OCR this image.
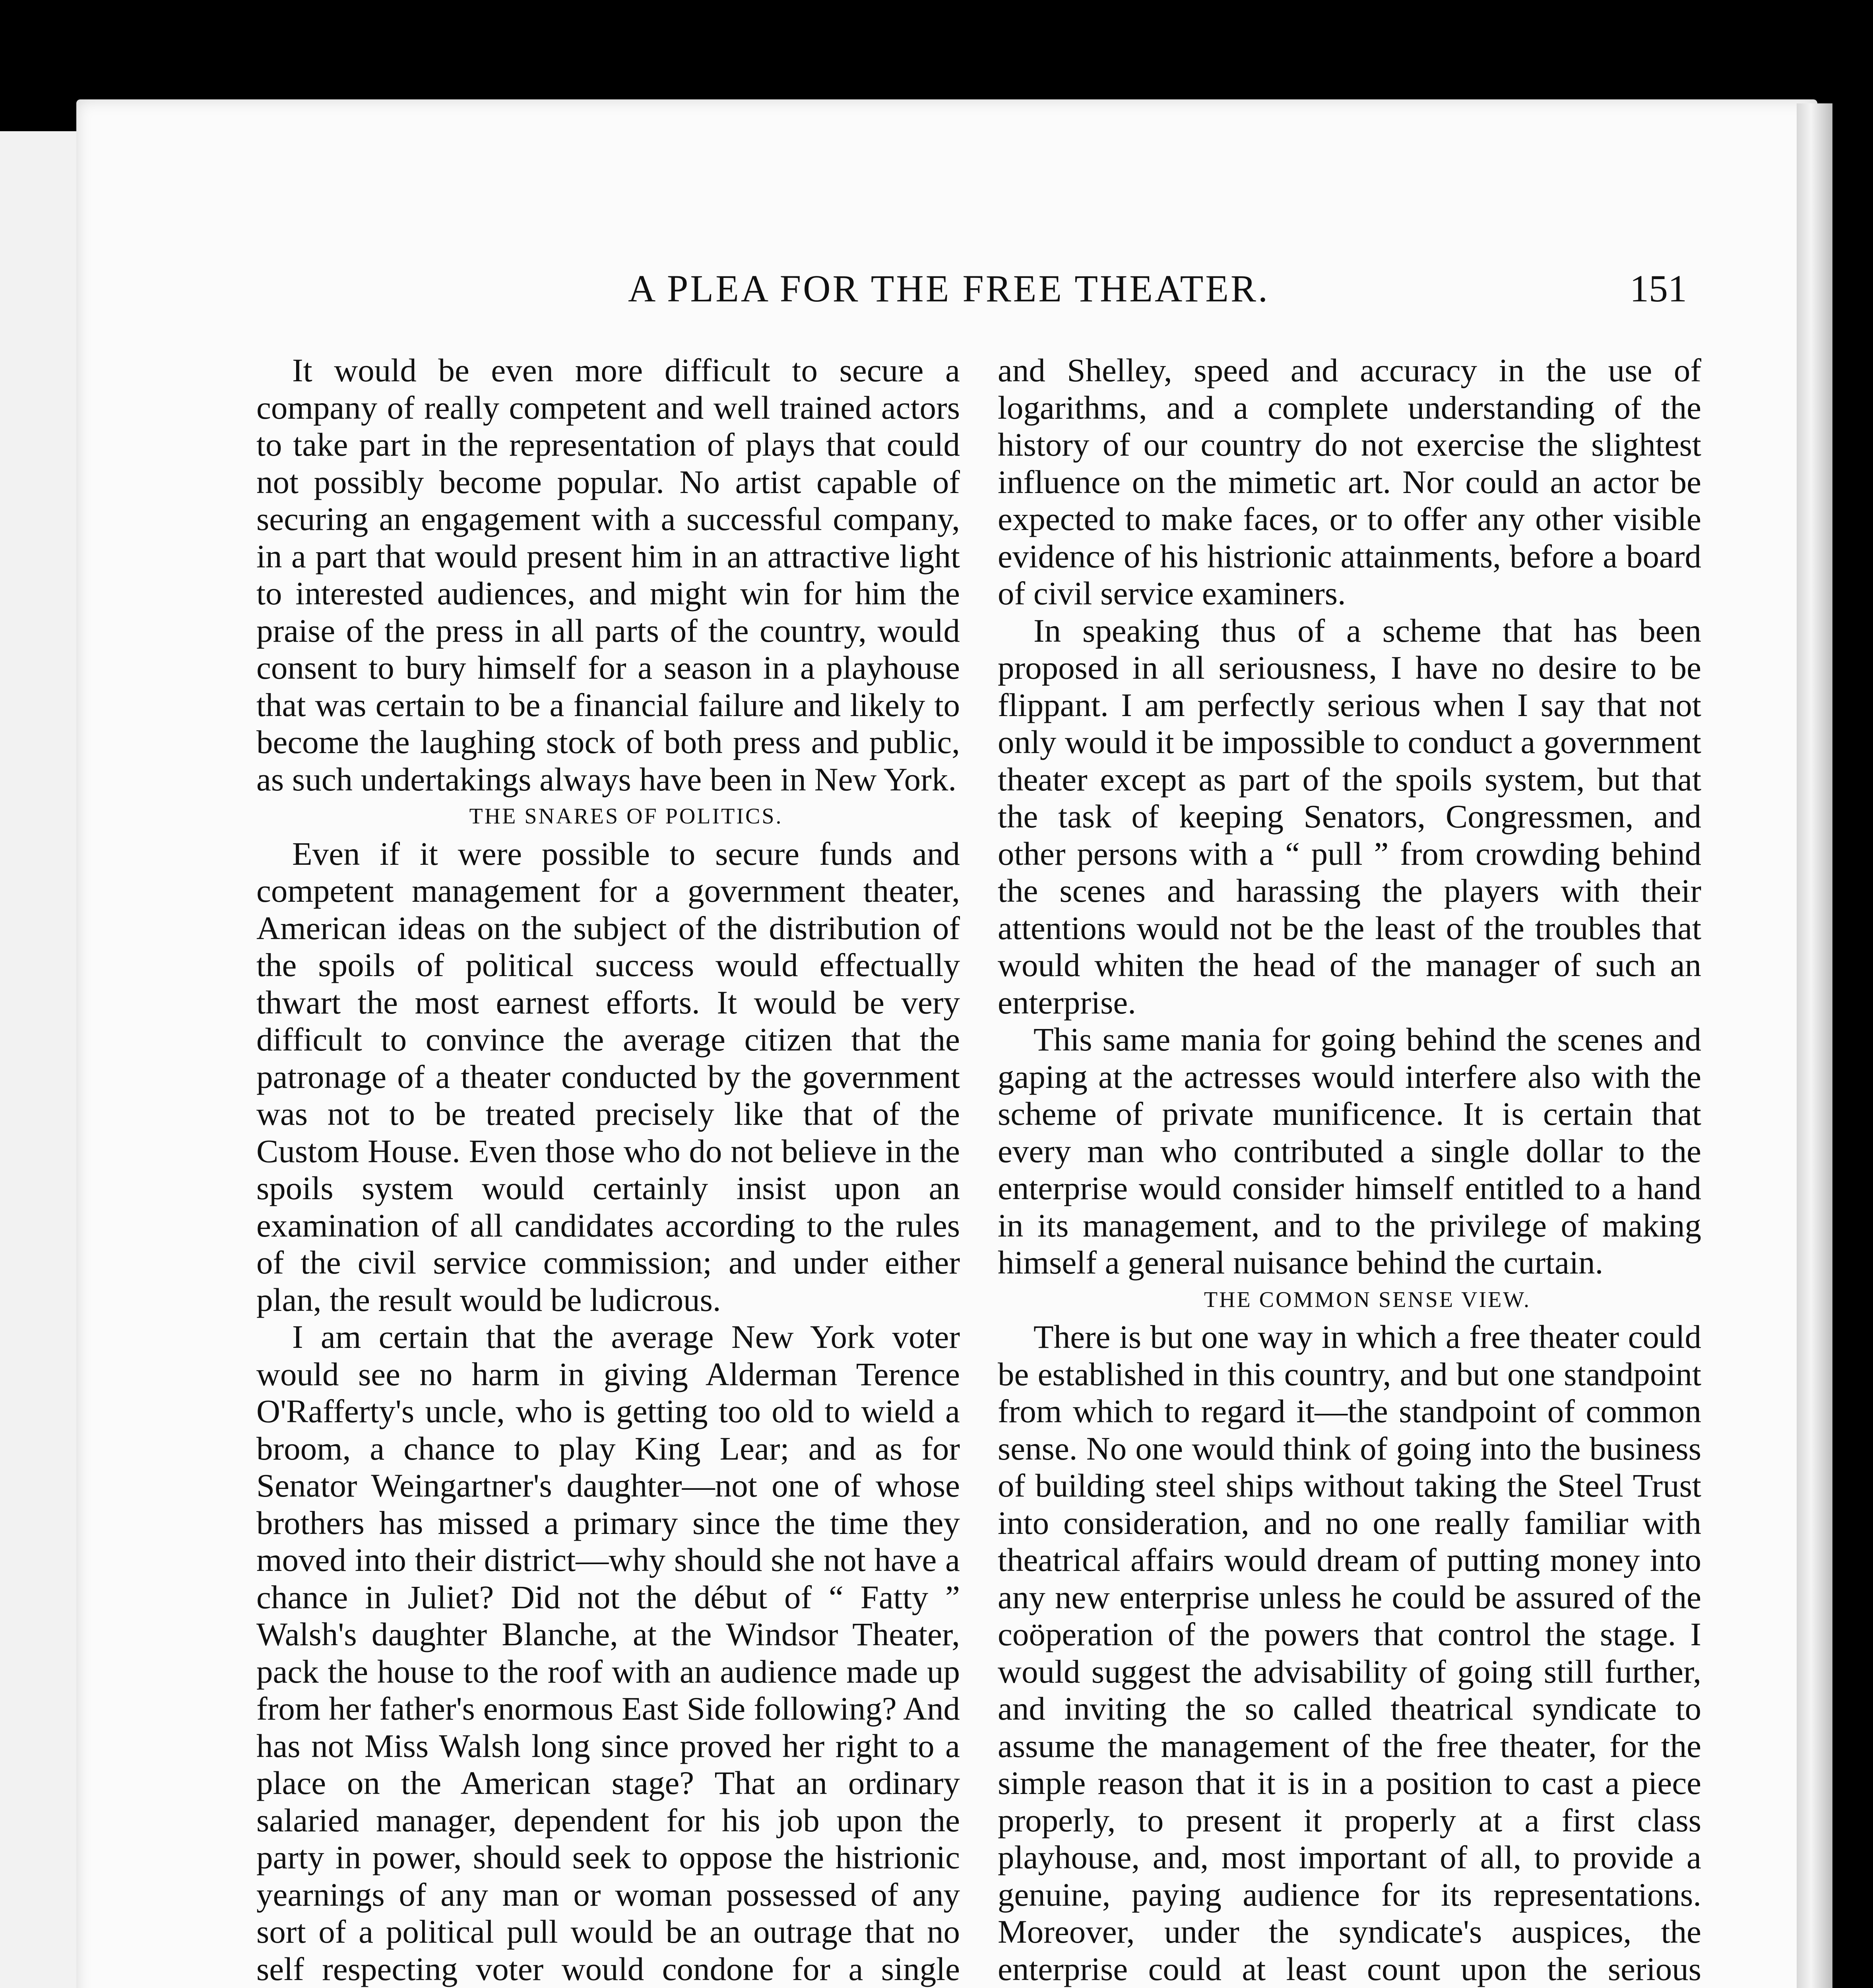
A PLEA FOR THE FREE THEATER.	151

It would be even more difficult to secure a company of really competent and well trained actors to take part in the representation of plays that could not possibly become popular. No artist capable of securing an engagement with a successful company, in a part that would present him in an attractive light to interested audiences, and might win for him the praise of the press in all parts of the country, would consent to bury himself for a season in a playhouse that was certain to be a financial failure and likely to become the laughing stock of both press and public, as such undertakings always have been in New York.

THE SNARES OF POLITICS.

Even if it were possible to secure funds and competent management for a government theater, American ideas on the subject of the distribution of the spoils of political success would effectually thwart the most earnest efforts. It would be very difficult to convince the average citizen that the patronage of a theater conducted by the government was not to be treated precisely like that of the Custom House. Even those who do not believe in the spoils system would certainly insist upon an examination of all candidates according to the rules of the civil service commission; and under either plan, the result would be ludicrous.

I am certain that the average New York voter would see no harm in giving Alderman Terence O'Rafferty's uncle, who is getting too old to wield a broom, a chance to play King Lear; and as for Senator Weingartner's daughter—not one of whose brothers has missed a primary since the time they moved into their district—why should she not have a chance in Juliet? Did not the début of “ Fatty ” Walsh's daughter Blanche, at the Windsor Theater, pack the house to the roof with an audience made up from her father's enormous East Side following? And has not Miss Walsh long since proved her right to a place on the American stage? That an ordinary salaried manager, dependent for his job upon the party in power, should seek to oppose the histrionic yearnings of any man or woman possessed of any sort of a political pull would be an outrage that no self respecting voter would condone for a single

and Shelley, speed and accuracy in the use of logarithms, and a complete understanding of the history of our country do not exercise the slightest influence on the mimetic art. Nor could an actor be expected to make faces, or to offer any other visible evidence of his histrionic attainments, before a board of civil service examiners.

In speaking thus of a scheme that has been proposed in all seriousness, I have no desire to be flippant. I am perfectly serious when I say that not only would it be impossible to conduct a government theater except as part of the spoils system, but that the task of keeping Senators, Congressmen, and other persons with a “ pull ” from crowding behind the scenes and harassing the players with their attentions would not be the least of the troubles that would whiten the head of the manager of such an enterprise.

This same mania for going behind the scenes and gaping at the actresses would interfere also with the scheme of private munificence. It is certain that every man who contributed a single dollar to the enterprise would consider himself entitled to a hand in its management, and to the privilege of making himself a general nuisance behind the curtain.

THE COMMON SENSE VIEW.

There is but one way in which a free theater could be established in this country, and but one standpoint from which to regard it—the standpoint of common sense. No one would think of going into the business of building steel ships without taking the Steel Trust into consideration, and no one really familiar with theatrical affairs would dream of putting money into any new enterprise unless he could be assured of the coöperation of the powers that control the stage. I would suggest the advisability of going still further, and inviting the so called theatrical syndicate to assume the management of the free theater, for the simple reason that it is in a position to cast a piece properly, to present it properly at a first class playhouse, and, most important of all, to provide a genuine, paying audience for its representations. Moreover, under the syndicate's auspices, the enterprise could at least count upon the serious
